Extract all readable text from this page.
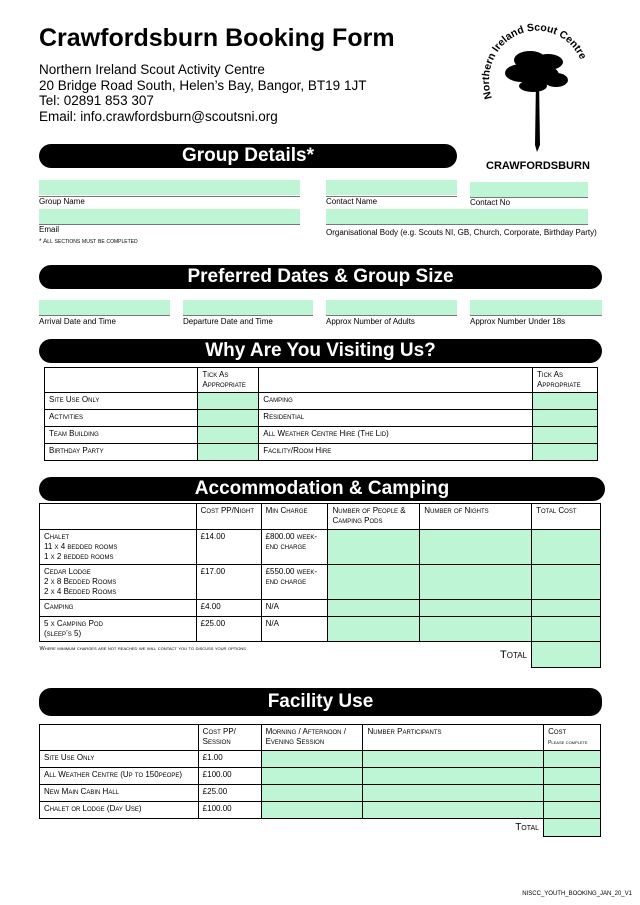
Crawfordsburn Booking Form
Northern Ireland Scout Activity Centre
20 Bridge Road South, Helen’s Bay, Bangor, BT19 1JT
Tel: 02891 853 307
Email: info.crawfordsburn@scoutsni.org
Northern Ireland Scout Centre
CRAWFORDSBURN
Group Details*
Group Name	Contact Name	Contact No
Email	Organisational Body (e.g. Scouts NI, GB, Church, Corporate, Birthday Party)
* All sections must be completed
Preferred Dates & Group Size
Arrival Date and Time	Departure Date and Time	Approx Number of Adults	Approx Number Under 18s
Why Are You Visiting Us?
	Tick As Appropriate		Tick As Appropriate
Site Use Only		Camping	
Activities		Residential	
Team Building		All Weather Centre Hire (The Lid)	
Birthday Party		Facility/Room Hire	
Accommodation & Camping
	Cost PP/Night	Min Charge	Number of People & Camping Pods	Number of Nights	Total Cost
Chalet
11 x 4 bedded rooms
1 x 2 bedded rooms	£14.00	£800.00 week-end charge			
Cedar Lodge
2 x 8 Bedded Rooms
2 x 4 Bedded Rooms	£17.00	£550.00 week-end charge			
Camping	£4.00	N/A			
5 x Camping Pod
(sleep’s 5)	£25.00	N/A			
Where minimum charges are not reached we will contact you to discuss your options				Total	
Facility Use
	Cost PP/ Session	Morning / Afternoon / Evening Session	Number Participants	Cost
Please complete
Site Use Only	£1.00			
All Weather Centre (Up to 150peope)	£100.00			
New Main Cabin Hall	£25.00			
Chalet or Lodge (Day Use)	£100.00			
Total				
NISCC_YOUTH_BOOKING_JAN_20_V1
